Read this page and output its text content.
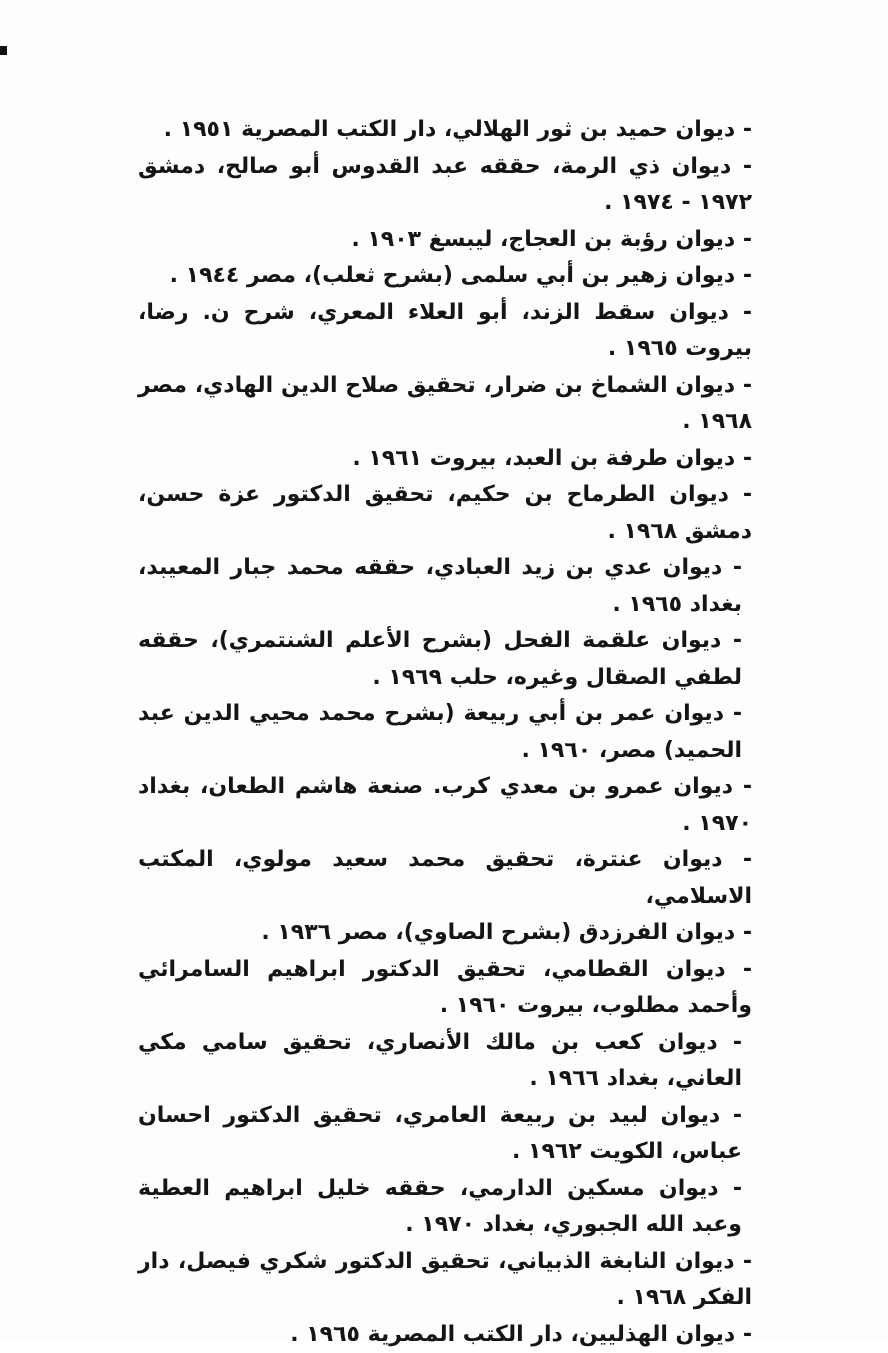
- ديوان حميد بن ثور الهلالي، دار الكتب المصرية ١٩٥١ .
- ديوان ذي الرمة، حققه عبد القدوس أبو صالح، دمشق ١٩٧٢ - ١٩٧٤ .
- ديوان رؤبة بن العجاج، ليبسغ ١٩٠٣ .
- ديوان زهير بن أبي سلمى (بشرح ثعلب)، مصر ١٩٤٤ .
- ديوان سقط الزند، أبو العلاء المعري، شرح ن. رضا، بيروت ١٩٦٥ .
- ديوان الشماخ بن ضرار، تحقيق صلاح الدين الهادي، مصر ١٩٦٨ .
- ديوان طرفة بن العبد، بيروت ١٩٦١ .
- ديوان الطرماح بن حكيم، تحقيق الدكتور عزة حسن، دمشق ١٩٦٨ .
- ديوان عدي بن زيد العبادي، حققه محمد جبار المعيبد، بغداد ١٩٦٥ .
- ديوان علقمة الفحل (بشرح الأعلم الشنتمري)، حققه لطفي الصقال وغيره، حلب ١٩٦٩ .
- ديوان عمر بن أبي ربيعة (بشرح محمد محيي الدين عبد الحميد) مصر، ١٩٦٠ .
- ديوان عمرو بن معدي كرب. صنعة هاشم الطعان، بغداد ١٩٧٠ .
- ديوان عنترة، تحقيق محمد سعيد مولوي، المكتب الاسلامي،
- ديوان الفرزدق (بشرح الصاوي)، مصر ١٩٣٦ .
- ديوان القطامي، تحقيق الدكتور ابراهيم السامرائي وأحمد مطلوب، بيروت ١٩٦٠ .
- ديوان كعب بن مالك الأنصاري، تحقيق سامي مكي العاني، بغداد ١٩٦٦ .
- ديوان لبيد بن ربيعة العامري، تحقيق الدكتور احسان عباس، الكويت ١٩٦٢ .
- ديوان مسكين الدارمي، حققه خليل ابراهيم العطية وعبد الله الجبوري، بغداد ١٩٧٠ .
- ديوان النابغة الذبياني، تحقيق الدكتور شكري فيصل، دار الفكر ١٩٦٨ .
- ديوان الهذليين، دار الكتب المصرية ١٩٦٥ .
